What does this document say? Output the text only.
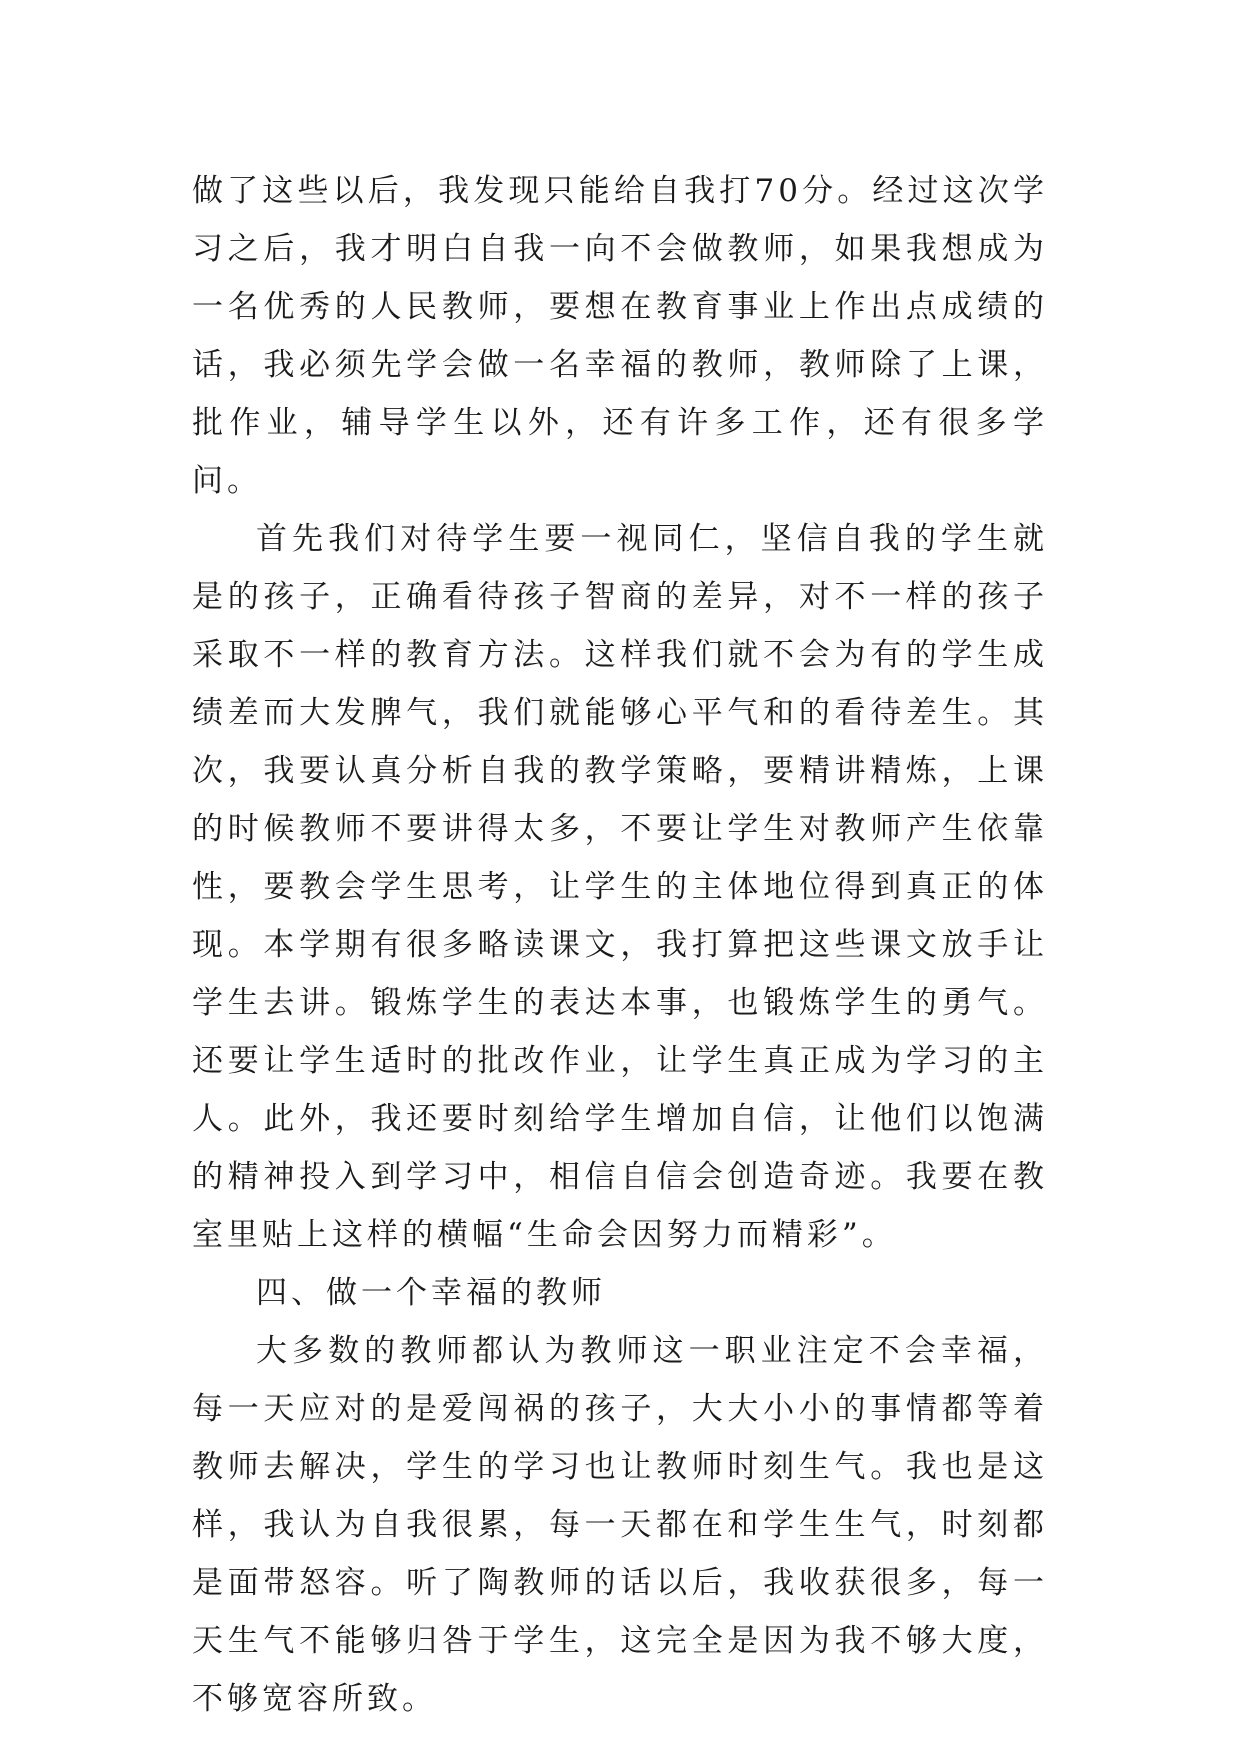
做了这些以后，我发现只能给自我打70分。经过这次学习之后，我才明白自我一向不会做教师，如果我想成为一名优秀的人民教师，要想在教育事业上作出点成绩的话，我必须先学会做一名幸福的教师，教师除了上课，批作业，辅导学生以外，还有许多工作，还有很多学问。

首先我们对待学生要一视同仁，坚信自我的学生就是的孩子，正确看待孩子智商的差异，对不一样的孩子采取不一样的教育方法。这样我们就不会为有的学生成绩差而大发脾气，我们就能够心平气和的看待差生。其次，我要认真分析自我的教学策略，要精讲精炼，上课的时候教师不要讲得太多，不要让学生对教师产生依靠性，要教会学生思考，让学生的主体地位得到真正的体现。本学期有很多略读课文，我打算把这些课文放手让学生去讲。锻炼学生的表达本事，也锻炼学生的勇气。还要让学生适时的批改作业，让学生真正成为学习的主人。此外，我还要时刻给学生增加自信，让他们以饱满的精神投入到学习中，相信自信会创造奇迹。我要在教室里贴上这样的横幅“生命会因努力而精彩”。

四、做一个幸福的教师

大多数的教师都认为教师这一职业注定不会幸福，每一天应对的是爱闯祸的孩子，大大小小的事情都等着教师去解决，学生的学习也让教师时刻生气。我也是这样，我认为自我很累，每一天都在和学生生气，时刻都是面带怒容。听了陶教师的话以后，我收获很多，每一天生气不能够归咎于学生，这完全是因为我不够大度，不够宽容所致。
